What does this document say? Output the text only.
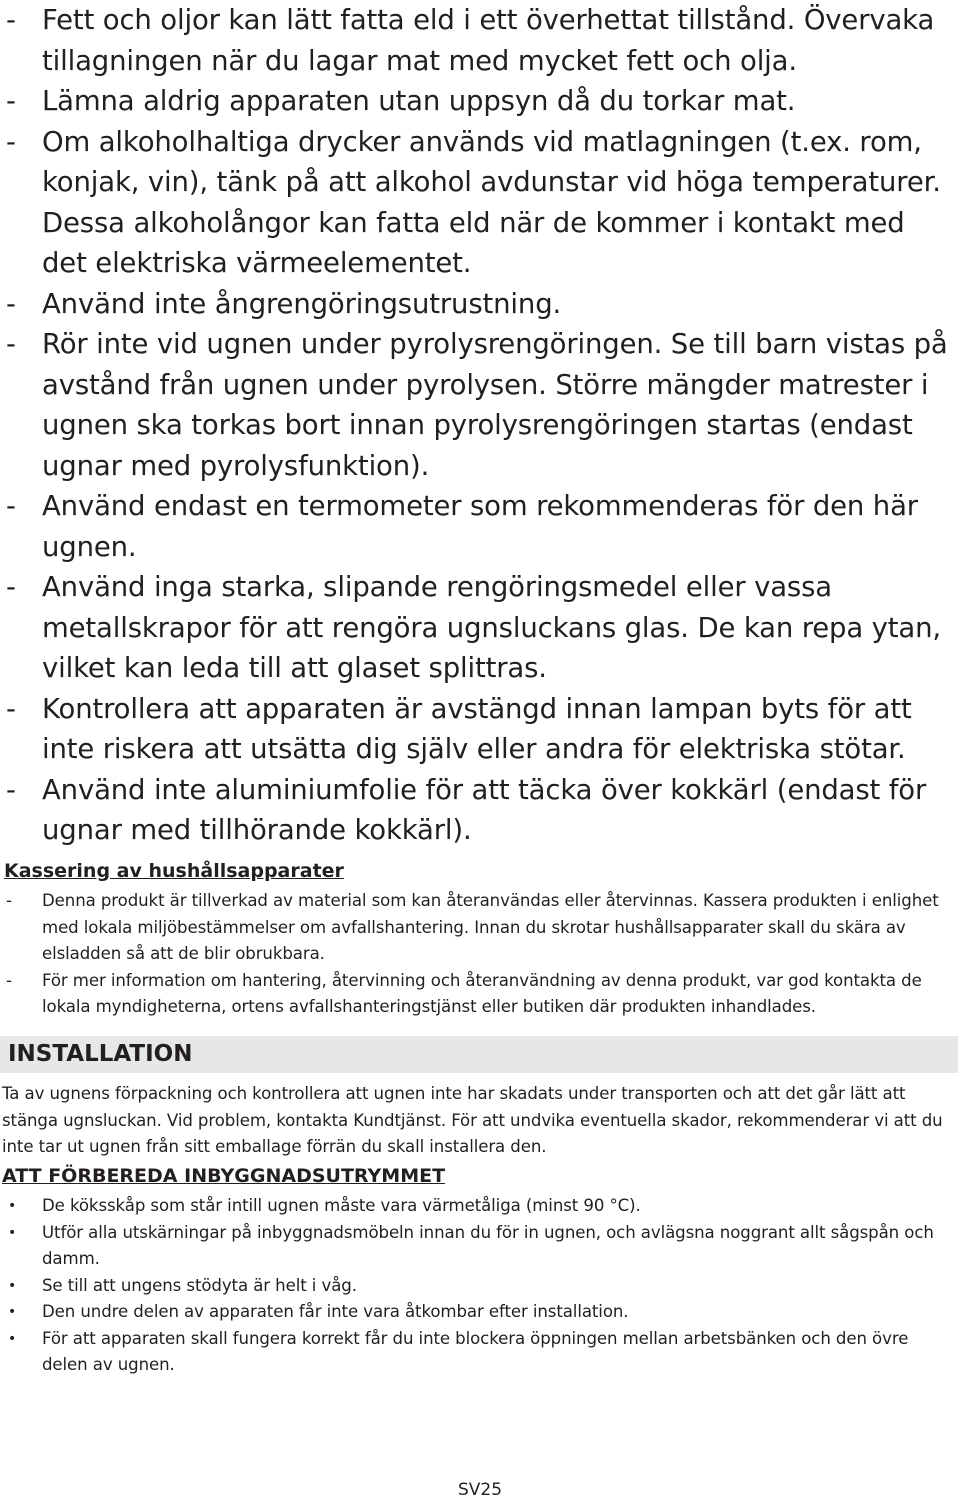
- Fett och oljor kan lätt fatta eld i ett överhettat tillstånd. Övervaka tillagningen när du lagar mat med mycket fett och olja.
- Lämna aldrig apparaten utan uppsyn då du torkar mat.
- Om alkoholhaltiga drycker används vid matlagningen (t.ex. rom, konjak, vin), tänk på att alkohol avdunstar vid höga temperaturer. Dessa alkoholångor kan fatta eld när de kommer i kontakt med det elektriska värmeelementet.
- Använd inte ångrengöringsutrustning.
- Rör inte vid ugnen under pyrolysrengöringen. Se till barn vistas på avstånd från ugnen under pyrolysen. Större mängder matrester i ugnen ska torkas bort innan pyrolysrengöringen startas (endast ugnar med pyrolysfunktion).
- Använd endast en termometer som rekommenderas för den här ugnen.
- Använd inga starka, slipande rengöringsmedel eller vassa metallskrapor för att rengöra ugnsluckans glas. De kan repa ytan, vilket kan leda till att glaset splittras.
- Kontrollera att apparaten är avstängd innan lampan byts för att inte riskera att utsätta dig själv eller andra för elektriska stötar.
- Använd inte aluminiumfolie för att täcka över kokkärl (endast för ugnar med tillhörande kokkärl).
Kassering av hushållsapparater
- Denna produkt är tillverkad av material som kan återanvändas eller återvinnas. Kassera produkten i enlighet med lokala miljöbestämmelser om avfallshantering. Innan du skrotar hushållsapparater skall du skära av elsladden så att de blir obrukbara.
- För mer information om hantering, återvinning och återanvändning av denna produkt, var god kontakta de lokala myndigheterna, ortens avfallshanteringstjänst eller butiken där produkten inhandlades.
INSTALLATION

Ta av ugnens förpackning och kontrollera att ugnen inte har skadats under transporten och att det går lätt att stänga ugnsluckan. Vid problem, kontakta Kundtjänst. För att undvika eventuella skador, rekommenderar vi att du inte tar ut ugnen från sitt emballage förrän du skall installera den.

ATT FÖRBEREDA INBYGGNADSUTRYMMET
• De köksskåp som står intill ugnen måste vara värmetåliga (minst 90 °C).
• Utför alla utskärningar på inbyggnadsmöbeln innan du för in ugnen, och avlägsna noggrant allt sågspån och damm.
• Se till att ungens stödyta är helt i våg.
• Den undre delen av apparaten får inte vara åtkombar efter installation.
• För att apparaten skall fungera korrekt får du inte blockera öppningen mellan arbetsbänken och den övre delen av ugnen.
SV25
